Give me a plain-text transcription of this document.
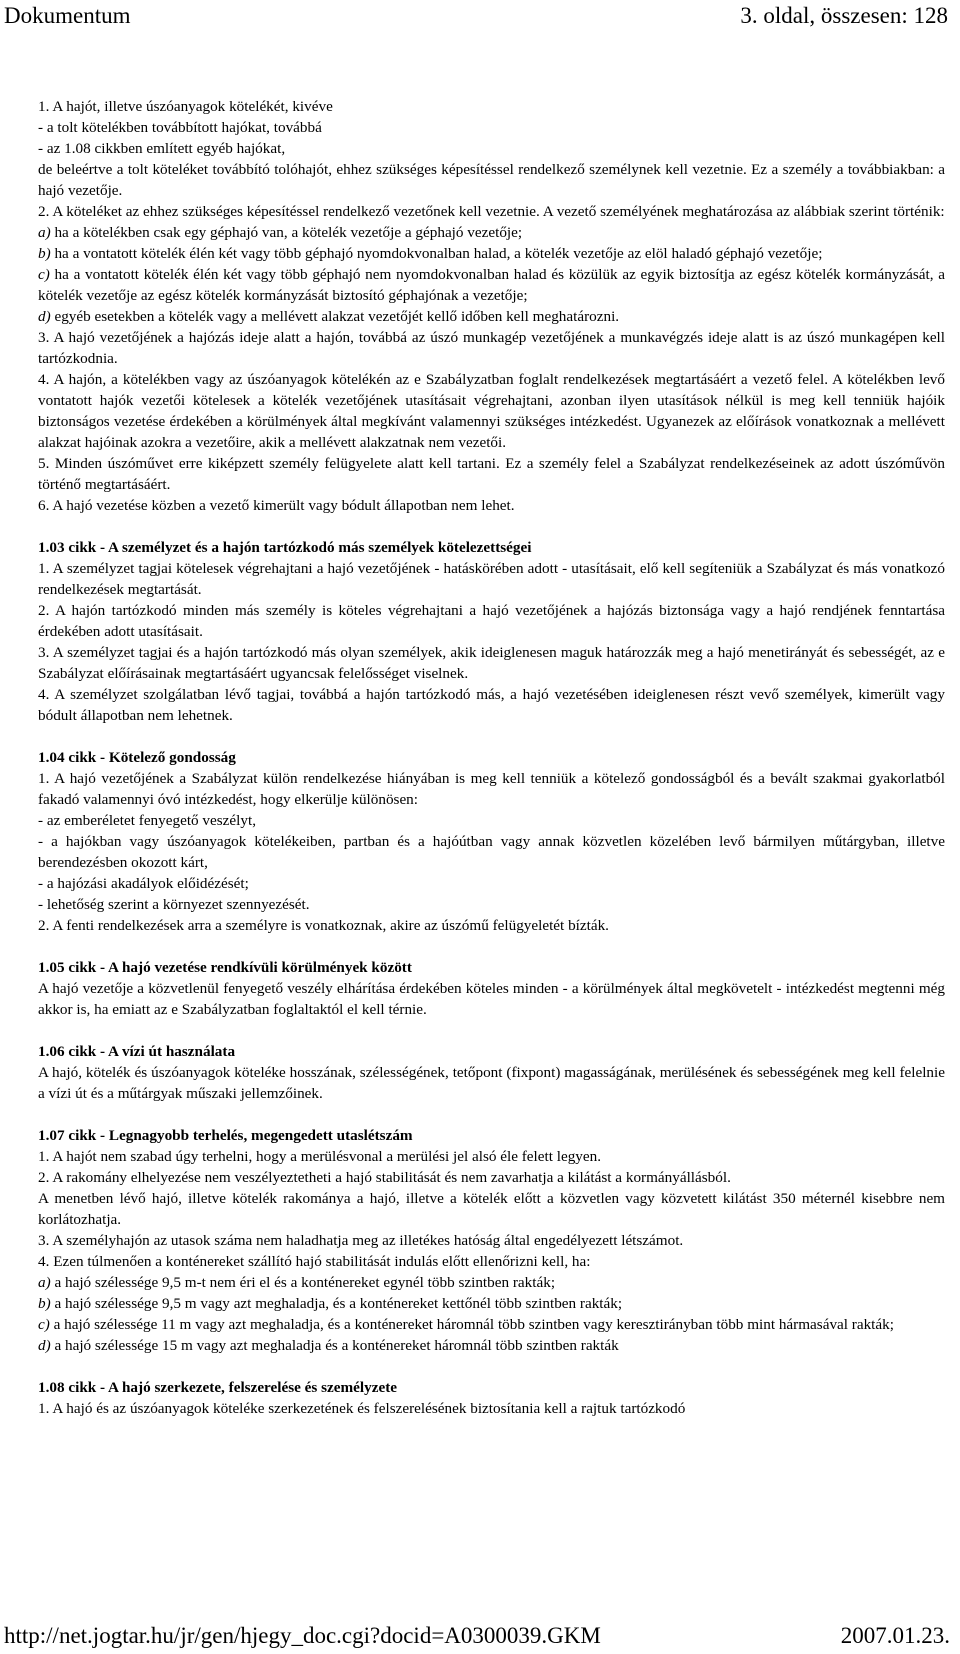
Dokumentum	3. oldal, összesen: 128

1. A hajót, illetve úszóanyagok kötelékét, kivéve

- a tolt kötelékben továbbított hajókat, továbbá

- az 1.08 cikkben említett egyéb hajókat,

de beleértve a tolt köteléket továbbító tolóhajót, ehhez szükséges képesítéssel rendelkező személynek kell vezetnie. Ez a személy a továbbiakban: a hajó vezetője.

2. A köteléket az ehhez szükséges képesítéssel rendelkező vezetőnek kell vezetnie. A vezető személyének meghatározása az alábbiak szerint történik:

a) ha a kötelékben csak egy géphajó van, a kötelék vezetője a géphajó vezetője;

b) ha a vontatott kötelék élén két vagy több géphajó nyomdokvonalban halad, a kötelék vezetője az elöl haladó géphajó vezetője;

c) ha a vontatott kötelék élén két vagy több géphajó nem nyomdokvonalban halad és közülük az egyik biztosítja az egész kötelék kormányzását, a kötelék vezetője az egész kötelék kormányzását biztosító géphajónak a vezetője;

d) egyéb esetekben a kötelék vagy a mellévett alakzat vezetőjét kellő időben kell meghatározni.

3. A hajó vezetőjének a hajózás ideje alatt a hajón, továbbá az úszó munkagép vezetőjének a munkavégzés ideje alatt is az úszó munkagépen kell tartózkodnia.

4. A hajón, a kötelékben vagy az úszóanyagok kötelékén az e Szabályzatban foglalt rendelkezések megtartásáért a vezető felel. A kötelékben levő vontatott hajók vezetői kötelesek a kötelék vezetőjének utasításait végrehajtani, azonban ilyen utasítások nélkül is meg kell tenniük hajóik biztonságos vezetése érdekében a körülmények által megkívánt valamennyi szükséges intézkedést. Ugyanezek az előírások vonatkoznak a mellévett alakzat hajóinak azokra a vezetőire, akik a mellévett alakzatnak nem vezetői.

5. Minden úszóművet erre kiképzett személy felügyelete alatt kell tartani. Ez a személy felel a Szabályzat rendelkezéseinek az adott úszóművön történő megtartásáért.

6. A hajó vezetése közben a vezető kimerült vagy bódult állapotban nem lehet.

1.03 cikk - A személyzet és a hajón tartózkodó más személyek kötelezettségei

1. A személyzet tagjai kötelesek végrehajtani a hajó vezetőjének - hatáskörében adott - utasításait, elő kell segíteniük a Szabályzat és más vonatkozó rendelkezések megtartását.

2. A hajón tartózkodó minden más személy is köteles végrehajtani a hajó vezetőjének a hajózás biztonsága vagy a hajó rendjének fenntartása érdekében adott utasításait.

3. A személyzet tagjai és a hajón tartózkodó más olyan személyek, akik ideiglenesen maguk határozzák meg a hajó menetirányát és sebességét, az e Szabályzat előírásainak megtartásáért ugyancsak felelősséget viselnek.

4. A személyzet szolgálatban lévő tagjai, továbbá a hajón tartózkodó más, a hajó vezetésében ideiglenesen részt vevő személyek, kimerült vagy bódult állapotban nem lehetnek.

1.04 cikk - Kötelező gondosság

1. A hajó vezetőjének a Szabályzat külön rendelkezése hiányában is meg kell tenniük a kötelező gondosságból és a bevált szakmai gyakorlatból fakadó valamennyi óvó intézkedést, hogy elkerülje különösen:

- az emberéletet fenyegető veszélyt,

- a hajókban vagy úszóanyagok kötelékeiben, partban és a hajóútban vagy annak közvetlen közelében levő bármilyen műtárgyban, illetve berendezésben okozott kárt,

- a hajózási akadályok előidézését;

- lehetőség szerint a környezet szennyezését.

2. A fenti rendelkezések arra a személyre is vonatkoznak, akire az úszómű felügyeletét bízták.

1.05 cikk - A hajó vezetése rendkívüli körülmények között

A hajó vezetője a közvetlenül fenyegető veszély elhárítása érdekében köteles minden - a körülmények által megkövetelt - intézkedést megtenni még akkor is, ha emiatt az e Szabályzatban foglaltaktól el kell térnie.

1.06 cikk - A vízi út használata

A hajó, kötelék és úszóanyagok köteléke hosszának, szélességének, tetőpont (fixpont) magasságának, merülésének és sebességének meg kell felelnie a vízi út és a műtárgyak műszaki jellemzőinek.

1.07 cikk - Legnagyobb terhelés, megengedett utaslétszám

1. A hajót nem szabad úgy terhelni, hogy a merülésvonal a merülési jel alsó éle felett legyen.

2. A rakomány elhelyezése nem veszélyeztetheti a hajó stabilitását és nem zavarhatja a kilátást a kormányállásból.

A menetben lévő hajó, illetve kötelék rakománya a hajó, illetve a kötelék előtt a közvetlen vagy közvetett kilátást 350 méternél kisebbre nem korlátozhatja.

3. A személyhajón az utasok száma nem haladhatja meg az illetékes hatóság által engedélyezett létszámot.

4. Ezen túlmenően a konténereket szállító hajó stabilitását indulás előtt ellenőrizni kell, ha:

a) a hajó szélessége 9,5 m-t nem éri el és a konténereket egynél több szintben rakták;

b) a hajó szélessége 9,5 m vagy azt meghaladja, és a konténereket kettőnél több szintben rakták;

c) a hajó szélessége 11 m vagy azt meghaladja, és a konténereket háromnál több szintben vagy keresztirányban több mint hármasával rakták;

d) a hajó szélessége 15 m vagy azt meghaladja és a konténereket háromnál több szintben rakták

1.08 cikk - A hajó szerkezete, felszerelése és személyzete

1. A hajó és az úszóanyagok köteléke szerkezetének és felszerelésének biztosítania kell a rajtuk tartózkodó

http://net.jogtar.hu/jr/gen/hjegy_doc.cgi?docid=A0300039.GKM	2007.01.23.
